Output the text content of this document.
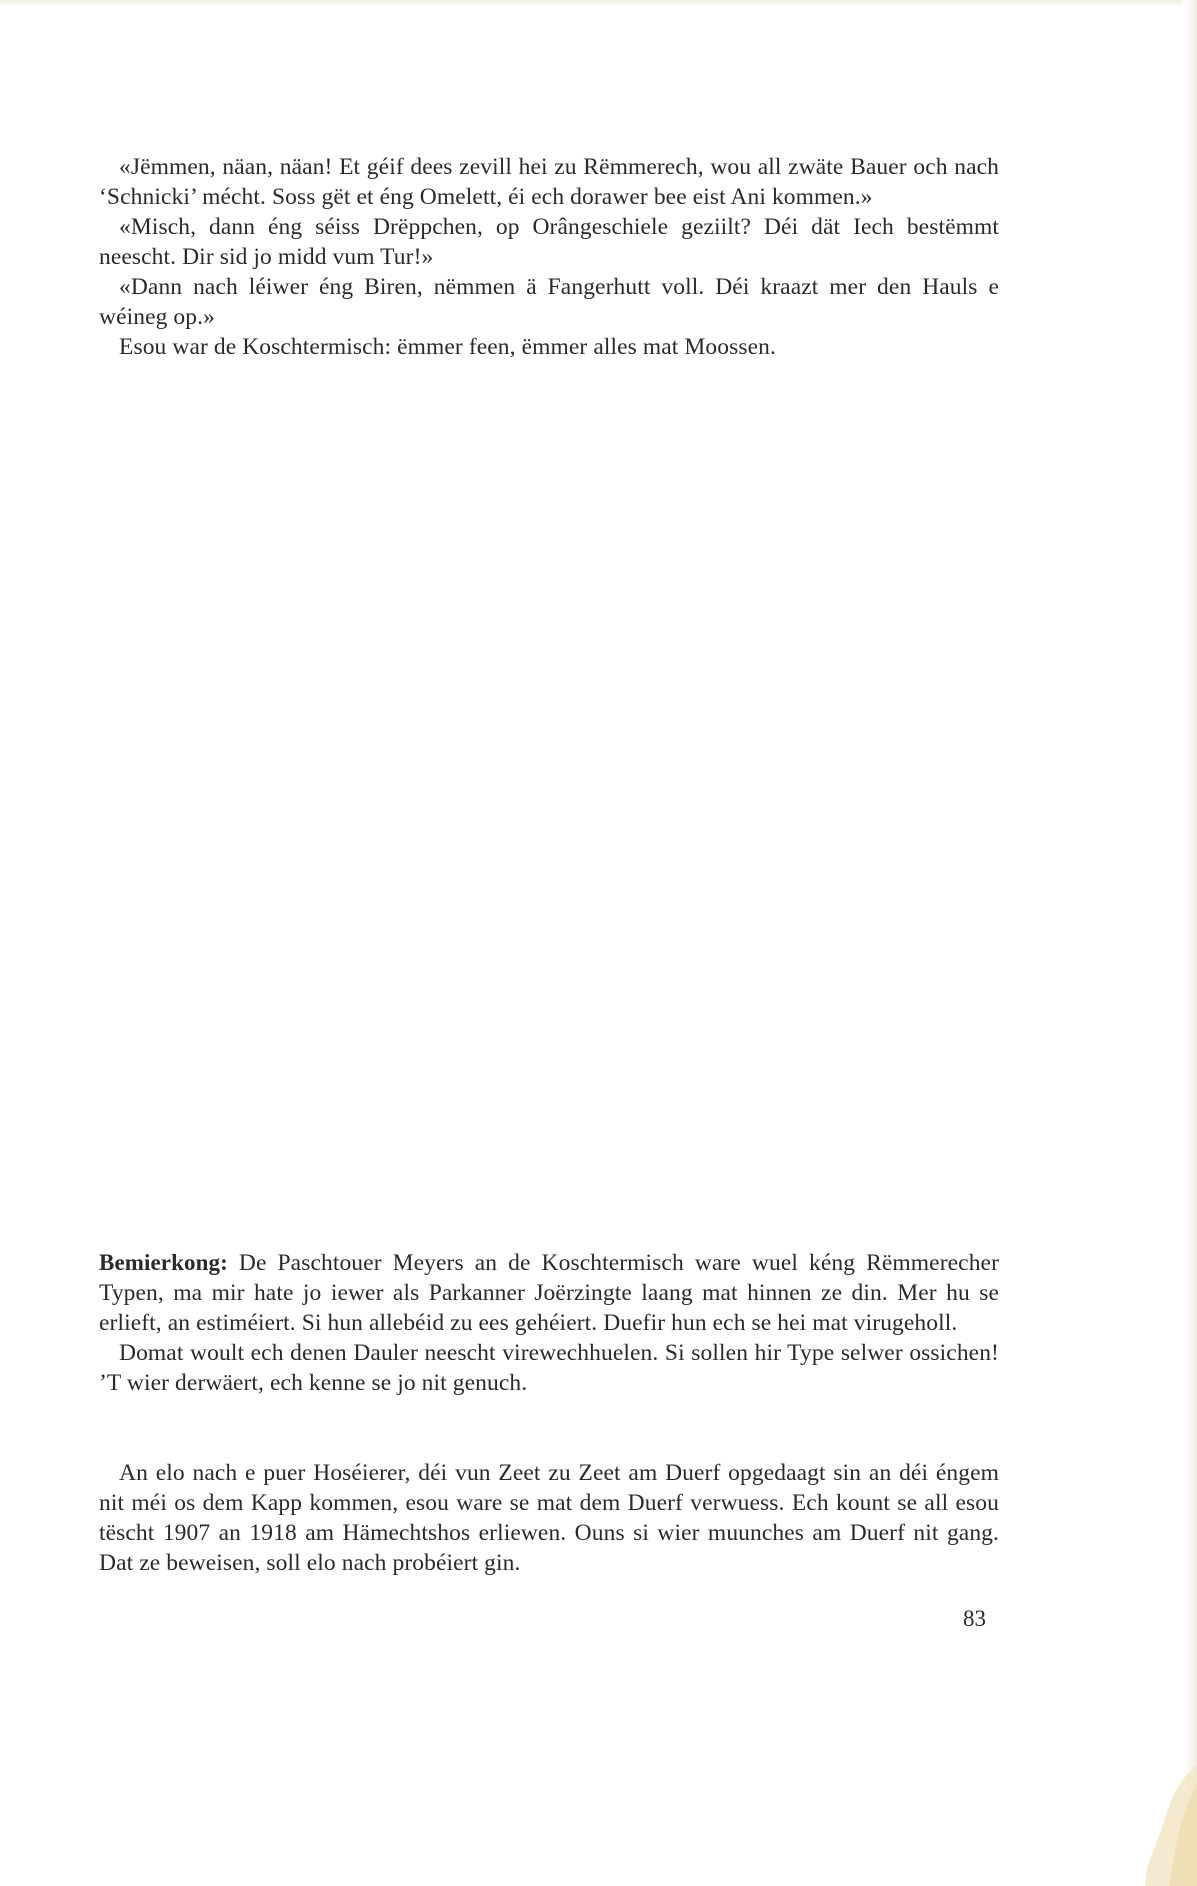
«Jëmmen, näan, näan! Et géif dees zevill hei zu Rëmmerech, wou all zwäte Bauer och nach ‘Schnicki’ mécht. Soss gët et éng Omelett, éi ech dorawer bee eist Ani kommen.»

«Misch, dann éng séiss Drëppchen, op Orângeschiele geziilt? Déi dät Iech bestëmmt neescht. Dir sid jo midd vum Tur!»

«Dann nach léiwer éng Biren, nëmmen ä Fangerhutt voll. Déi kraazt mer den Hauls e wéineg op.»

Esou war de Koschtermisch: ëmmer feen, ëmmer alles mat Moossen.

Bemierkong: De Paschtouer Meyers an de Koschtermisch ware wuel kéng Rëmmerecher Typen, ma mir hate jo iewer als Parkanner Joërzingte laang mat hinnen ze din. Mer hu se erlieft, an estiméiert. Si hun allebéid zu ees gehéiert. Duefir hun ech se hei mat virugeholl.

Domat woult ech denen Dauler neescht virewechhuelen. Si sollen hir Type selwer ossichen! ’T wier derwäert, ech kenne se jo nit genuch.

An elo nach e puer Hoséierer, déi vun Zeet zu Zeet am Duerf opgedaagt sin an déi éngem nit méi os dem Kapp kommen, esou ware se mat dem Duerf verwuess. Ech kount se all esou tëscht 1907 an 1918 am Hämechtshos erliewen. Ouns si wier muunches am Duerf nit gang. Dat ze beweisen, soll elo nach probéiert gin.

83
